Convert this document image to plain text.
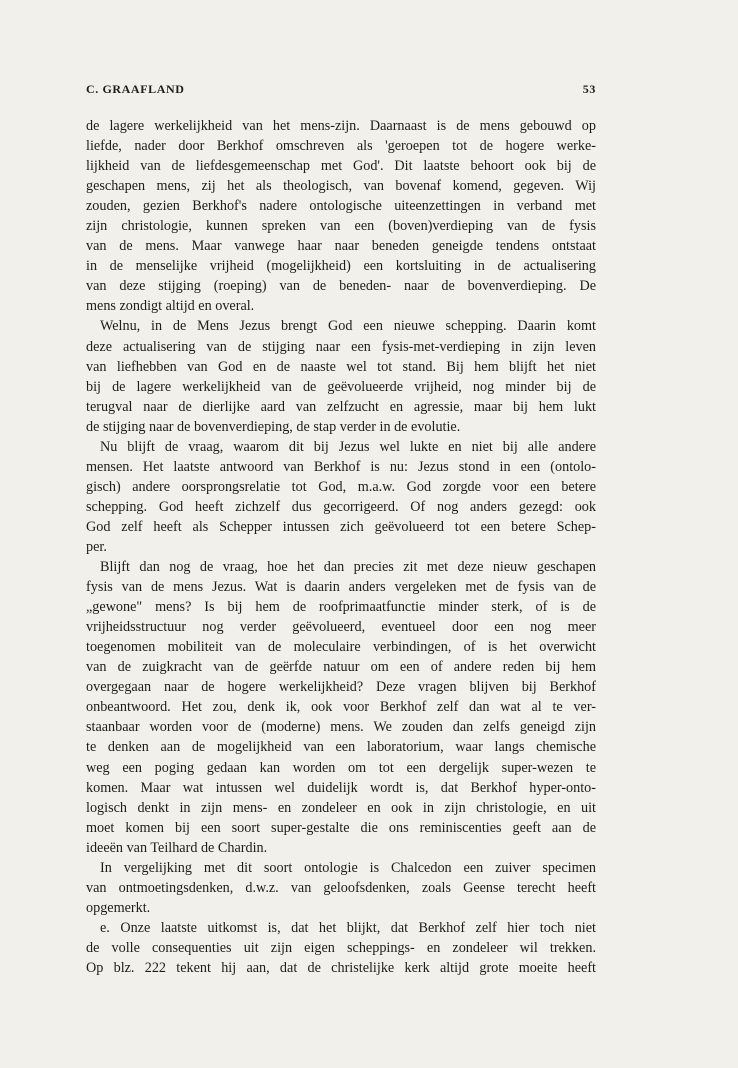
C. GRAAFLAND	53
de lagere werkelijkheid van het mens-zijn. Daarnaast is de mens gebouwd op
liefde, nader door Berkhof omschreven als 'geroepen tot de hogere werke-
lijkheid van de liefdesgemeenschap met God'. Dit laatste behoort ook bij de
geschapen mens, zij het als theologisch, van bovenaf komend, gegeven. Wij
zouden, gezien Berkhof's nadere ontologische uiteenzettingen in verband met
zijn christologie, kunnen spreken van een (boven)verdieping van de fysis
van de mens. Maar vanwege haar naar beneden geneigde tendens ontstaat
in de menselijke vrijheid (mogelijkheid) een kortsluiting in de actualisering
van deze stijging (roeping) van de beneden- naar de bovenverdieping. De
mens zondigt altijd en overal.
Welnu, in de Mens Jezus brengt God een nieuwe schepping. Daarin komt
deze actualisering van de stijging naar een fysis-met-verdieping in zijn leven
van liefhebben van God en de naaste wel tot stand. Bij hem blijft het niet
bij de lagere werkelijkheid van de geëvolueerde vrijheid, nog minder bij de
terugval naar de dierlijke aard van zelfzucht en agressie, maar bij hem lukt
de stijging naar de bovenverdieping, de stap verder in de evolutie.
Nu blijft de vraag, waarom dit bij Jezus wel lukte en niet bij alle andere
mensen. Het laatste antwoord van Berkhof is nu: Jezus stond in een (ontolo-
gisch) andere oorsprongsrelatie tot God, m.a.w. God zorgde voor een betere
schepping. God heeft zichzelf dus gecorrigeerd. Of nog anders gezegd: ook
God zelf heeft als Schepper intussen zich geëvolueerd tot een betere Schep-
per.
Blijft dan nog de vraag, hoe het dan precies zit met deze nieuw geschapen
fysis van de mens Jezus. Wat is daarin anders vergeleken met de fysis van de
„gewone" mens? Is bij hem de roofprimaatfunctie minder sterk, of is de
vrijheidsstructuur nog verder geëvolueerd, eventueel door een nog meer
toegenomen mobiliteit van de moleculaire verbindingen, of is het overwicht
van de zuigkracht van de geërfde natuur om een of andere reden bij hem
overgegaan naar de hogere werkelijkheid? Deze vragen blijven bij Berkhof
onbeantwoord. Het zou, denk ik, ook voor Berkhof zelf dan wat al te ver-
staanbaar worden voor de (moderne) mens. We zouden dan zelfs geneigd zijn
te denken aan de mogelijkheid van een laboratorium, waar langs chemische
weg een poging gedaan kan worden om tot een dergelijk super-wezen te
komen. Maar wat intussen wel duidelijk wordt is, dat Berkhof hyper-onto-
logisch denkt in zijn mens- en zondeleer en ook in zijn christologie, en uit
moet komen bij een soort super-gestalte die ons reminiscenties geeft aan de
ideeën van Teilhard de Chardin.
In vergelijking met dit soort ontologie is Chalcedon een zuiver specimen
van ontmoetingsdenken, d.w.z. van geloofsdenken, zoals Geense terecht heeft
opgemerkt.
e. Onze laatste uitkomst is, dat het blijkt, dat Berkhof zelf hier toch niet
de volle consequenties uit zijn eigen scheppings- en zondeleer wil trekken.
Op blz. 222 tekent hij aan, dat de christelijke kerk altijd grote moeite heeft
